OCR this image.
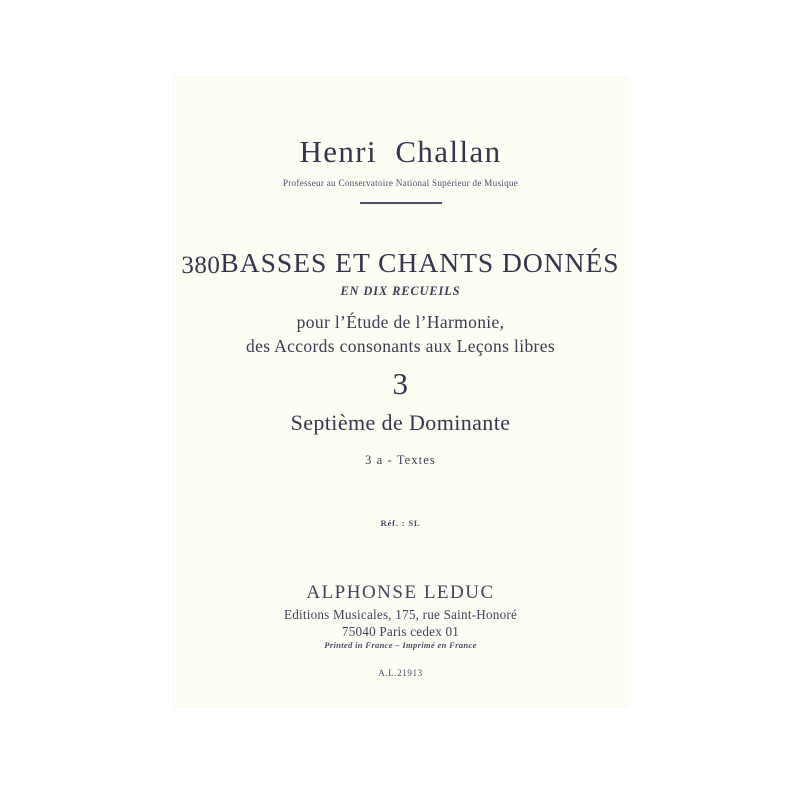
Henri  Challan
Professeur au Conservatoire National Supérieur de Musique
380BASSES ET CHANTS DONNÉS
EN DIX RECUEILS
pour l’Étude de l’Harmonie,
des Accords consonants aux Leçons libres
3
Septième de Dominante
3 a - Textes
Réf. : SL
ALPHONSE LEDUC
Editions Musicales, 175, rue Saint-Honoré
75040 Paris cedex 01
Printed in France – Imprimé en France
A.L.21913
